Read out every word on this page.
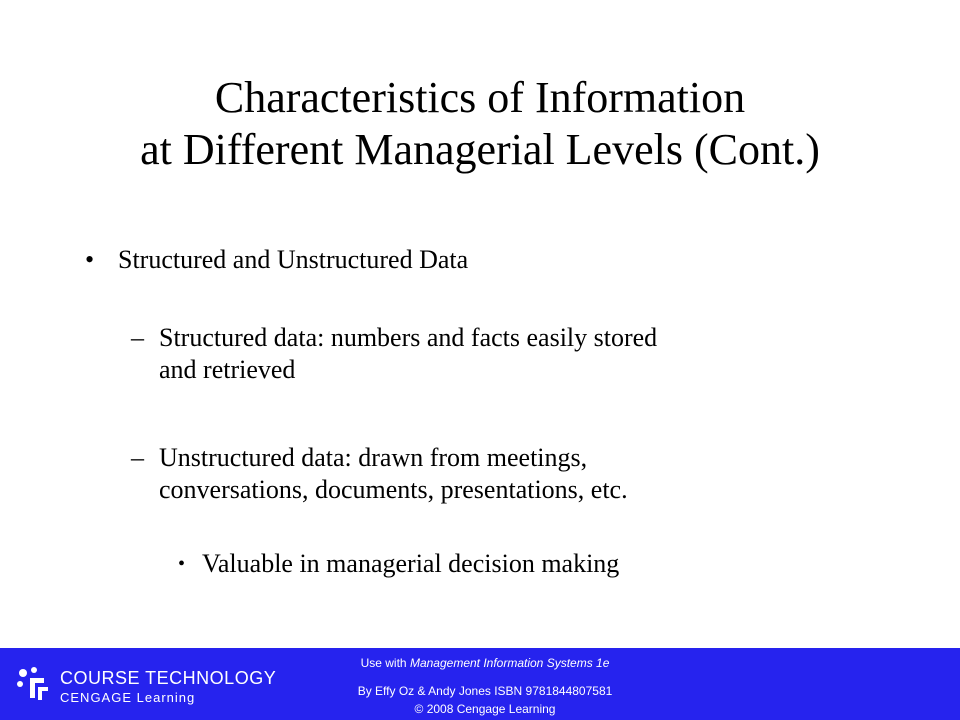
Characteristics of Information
at Different Managerial Levels (Cont.)
• Structured and Unstructured Data
– Structured data: numbers and facts easily stored
and retrieved
– Unstructured data: drawn from meetings,
conversations, documents, presentations, etc.
• Valuable in managerial decision making
COURSE TECHNOLOGY
CENGAGE Learning
Use with Management Information Systems 1e
By Effy Oz & Andy Jones ISBN 9781844807581
© 2008 Cengage Learning
